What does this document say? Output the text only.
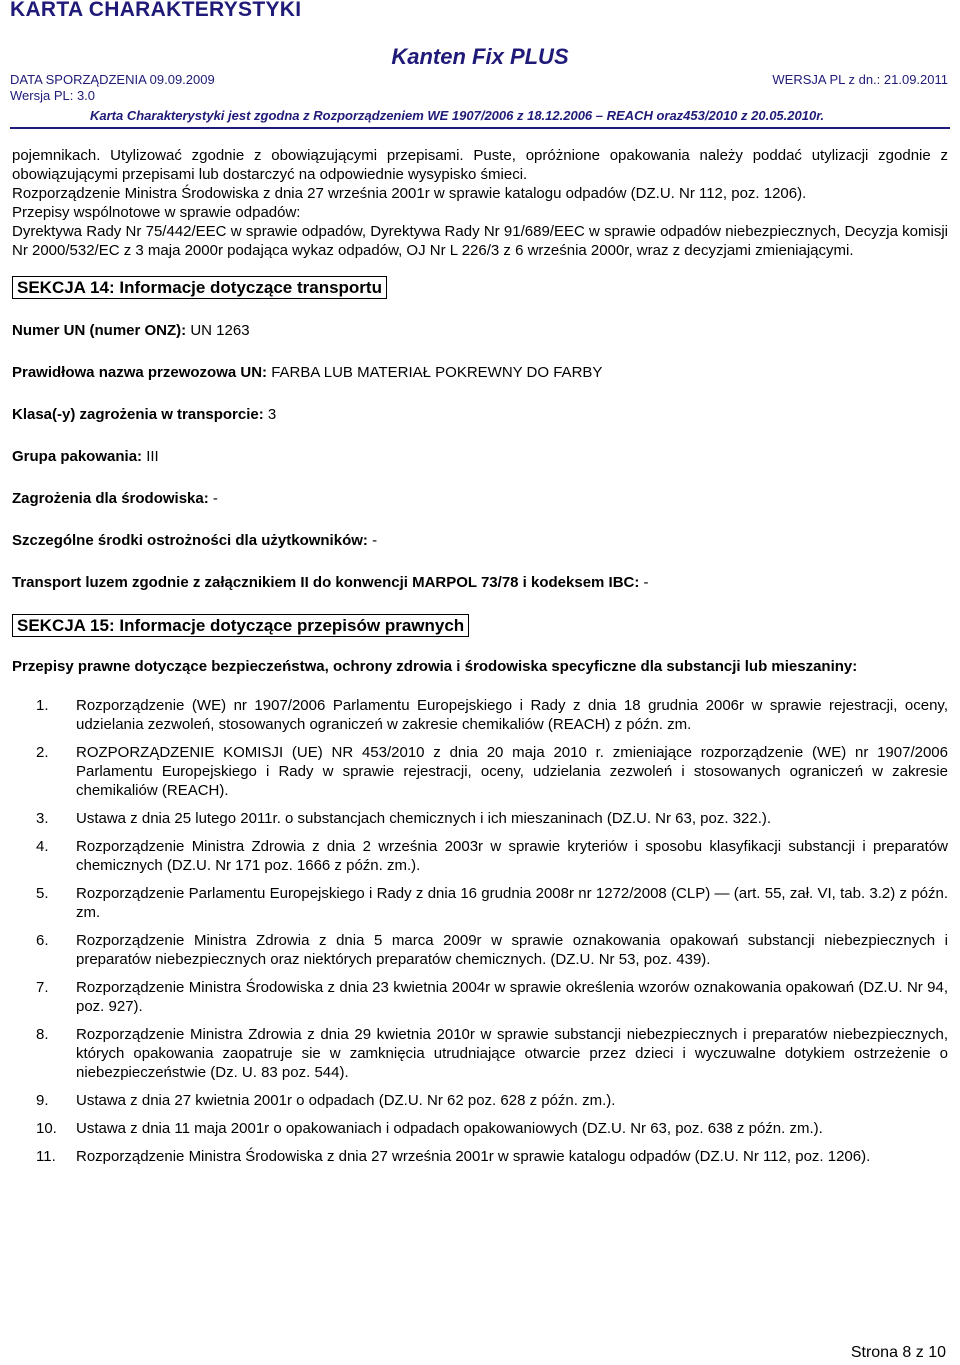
KARTA CHARAKTERYSTYKI
Kanten Fix PLUS
DATA SPORZĄDZENIA 09.09.2009	WERSJA PL z dn.: 21.09.2011
Wersja PL: 3.0
Karta Charakterystyki jest zgodna z Rozporządzeniem WE 1907/2006 z 18.12.2006 – REACH oraz453/2010 z 20.05.2010r.

pojemnikach. Utylizować zgodnie z obowiązującymi przepisami. Puste, opróżnione opakowania należy poddać utylizacji zgodnie z obowiązującymi przepisami lub dostarczyć na odpowiednie wysypisko śmieci.

Rozporządzenie Ministra Środowiska z dnia 27 września 2001r w sprawie katalogu odpadów (DZ.U. Nr 112, poz. 1206).

Przepisy wspólnotowe w sprawie odpadów:

Dyrektywa Rady Nr 75/442/EEC w sprawie odpadów, Dyrektywa Rady Nr 91/689/EEC w sprawie odpadów niebezpiecznych, Decyzja komisji Nr 2000/532/EC z 3 maja 2000r podająca wykaz odpadów, OJ Nr L 226/3 z 6 września 2000r, wraz z decyzjami zmieniającymi.

SEKCJA 14: Informacje dotyczące transportu
Numer UN (numer ONZ): UN 1263
Prawidłowa nazwa przewozowa UN: FARBA LUB MATERIAŁ POKREWNY DO FARBY
Klasa(-y) zagrożenia w transporcie: 3
Grupa pakowania: III
Zagrożenia dla środowiska: -
Szczególne środki ostrożności dla użytkowników: -
Transport luzem zgodnie z załącznikiem II do konwencji MARPOL 73/78 i kodeksem IBC: -
SEKCJA 15: Informacje dotyczące przepisów prawnych
Przepisy prawne dotyczące bezpieczeństwa, ochrony zdrowia i środowiska specyficzne dla substancji lub mieszaniny:
1. Rozporządzenie (WE) nr 1907/2006 Parlamentu Europejskiego i Rady z dnia 18 grudnia 2006r w sprawie rejestracji, oceny, udzielania zezwoleń, stosowanych ograniczeń w zakresie chemikaliów (REACH) z późn. zm.
2. ROZPORZĄDZENIE KOMISJI (UE) NR 453/2010 z dnia 20 maja 2010 r. zmieniające rozporządzenie (WE) nr 1907/2006 Parlamentu Europejskiego i Rady w sprawie rejestracji, oceny, udzielania zezwoleń i stosowanych ograniczeń w zakresie chemikaliów (REACH).
3. Ustawa z dnia 25 lutego 2011r. o substancjach chemicznych i ich mieszaninach (DZ.U. Nr 63, poz. 322.).
4. Rozporządzenie Ministra Zdrowia z dnia 2 września 2003r w sprawie kryteriów i sposobu klasyfikacji substancji i preparatów chemicznych (DZ.U. Nr 171 poz. 1666 z późn. zm.).
5. Rozporządzenie Parlamentu Europejskiego i Rady z dnia 16 grudnia 2008r nr 1272/2008 (CLP) — (art. 55, zał. VI, tab. 3.2) z późn. zm.
6. Rozporządzenie Ministra Zdrowia z dnia 5 marca 2009r w sprawie oznakowania opakowań substancji niebezpiecznych i preparatów niebezpiecznych oraz niektórych preparatów chemicznych. (DZ.U. Nr 53, poz. 439).
7. Rozporządzenie Ministra Środowiska z dnia 23 kwietnia 2004r w sprawie określenia wzorów oznakowania opakowań (DZ.U. Nr 94, poz. 927).
8. Rozporządzenie Ministra Zdrowia z dnia 29 kwietnia 2010r w sprawie substancji niebezpiecznych i preparatów niebezpiecznych, których opakowania zaopatruje sie w zamknięcia utrudniające otwarcie przez dzieci i wyczuwalne dotykiem ostrzeżenie o niebezpieczeństwie (Dz. U. 83 poz. 544).
9. Ustawa z dnia 27 kwietnia 2001r o odpadach (DZ.U. Nr 62 poz. 628 z późn. zm.).
10. Ustawa z dnia 11 maja 2001r o opakowaniach i odpadach opakowaniowych (DZ.U. Nr 63, poz. 638 z późn. zm.).
11. Rozporządzenie Ministra Środowiska z dnia 27 września 2001r w sprawie katalogu odpadów (DZ.U. Nr 112, poz. 1206).
Strona 8 z 10
